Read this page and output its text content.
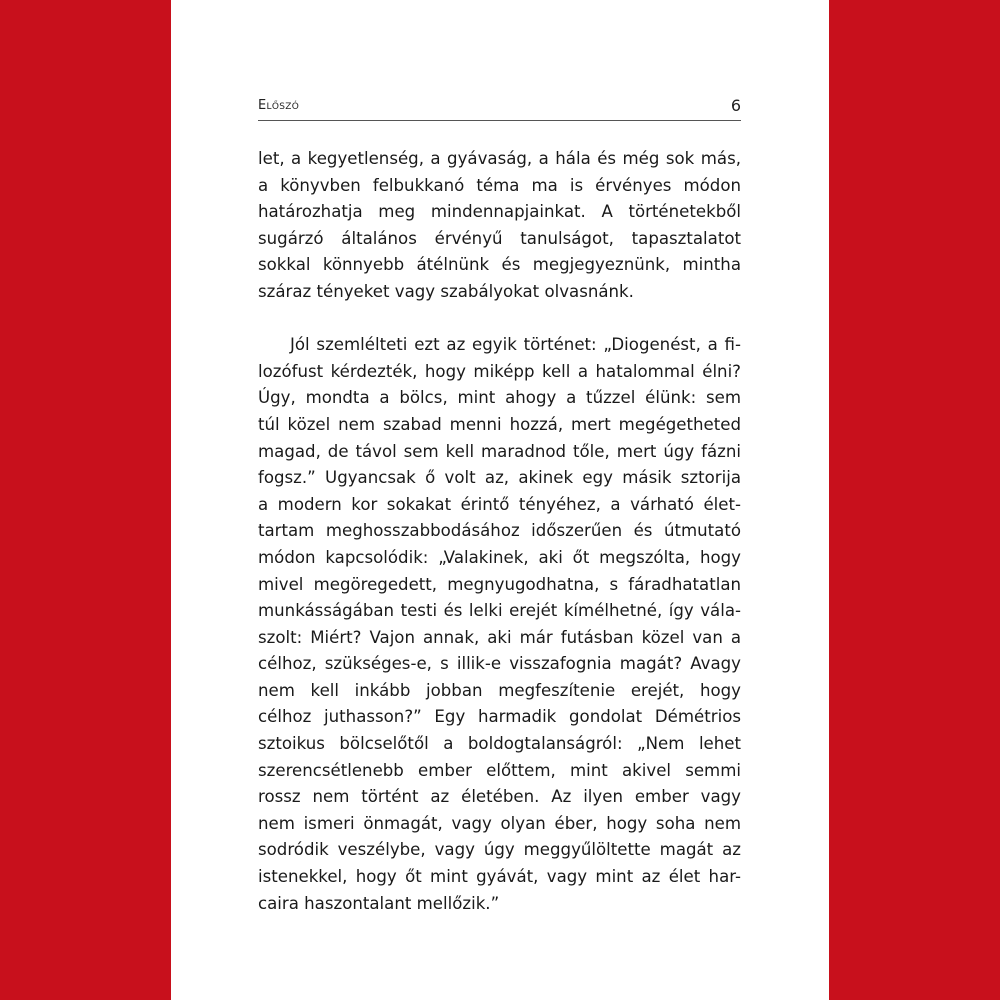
Előszó	6
let, a kegyetlenség, a gyávaság, a hála és még sok más,
a könyvben felbukkanó téma ma is érvényes módon
határozhatja meg mindennapjainkat. A történetekből
sugárzó általános érvényű tanulságot, tapasztalatot
sokkal könnyebb átélnünk és megjegyeznünk, mintha
száraz tényeket vagy szabályokat olvasnánk.
Jól szemlélteti ezt az egyik történet: „Diogenést, a fi-
lozófust kérdezték, hogy miképp kell a hatalommal élni?
Úgy, mondta a bölcs, mint ahogy a tűzzel élünk: sem
túl közel nem szabad menni hozzá, mert megégetheted
magad, de távol sem kell maradnod tőle, mert úgy fázni
fogsz.” Ugyancsak ő volt az, akinek egy másik sztorija
a modern kor sokakat érintő tényéhez, a várható élet-
tartam meghosszabbodásához időszerűen és útmutató
módon kapcsolódik: „Valakinek, aki őt megszólta, hogy
mivel megöregedett, megnyugodhatna, s fáradhatatlan
munkásságában testi és lelki erejét kímélhetné, így vála-
szolt: Miért? Vajon annak, aki már futásban közel van a
célhoz, szükséges-e, s illik-e visszafognia magát? Avagy
nem kell inkább jobban megfeszítenie erejét, hogy
célhoz juthasson?” Egy harmadik gondolat Démétrios
sztoikus bölcselőtől a boldogtalanságról: „Nem lehet
szerencsétlenebb ember előttem, mint akivel semmi
rossz nem történt az életében. Az ilyen ember vagy
nem ismeri önmagát, vagy olyan éber, hogy soha nem
sodródik veszélybe, vagy úgy meggyűlöltette magát az
istenekkel, hogy őt mint gyávát, vagy mint az élet har-
caira haszontalant mellőzik.”
